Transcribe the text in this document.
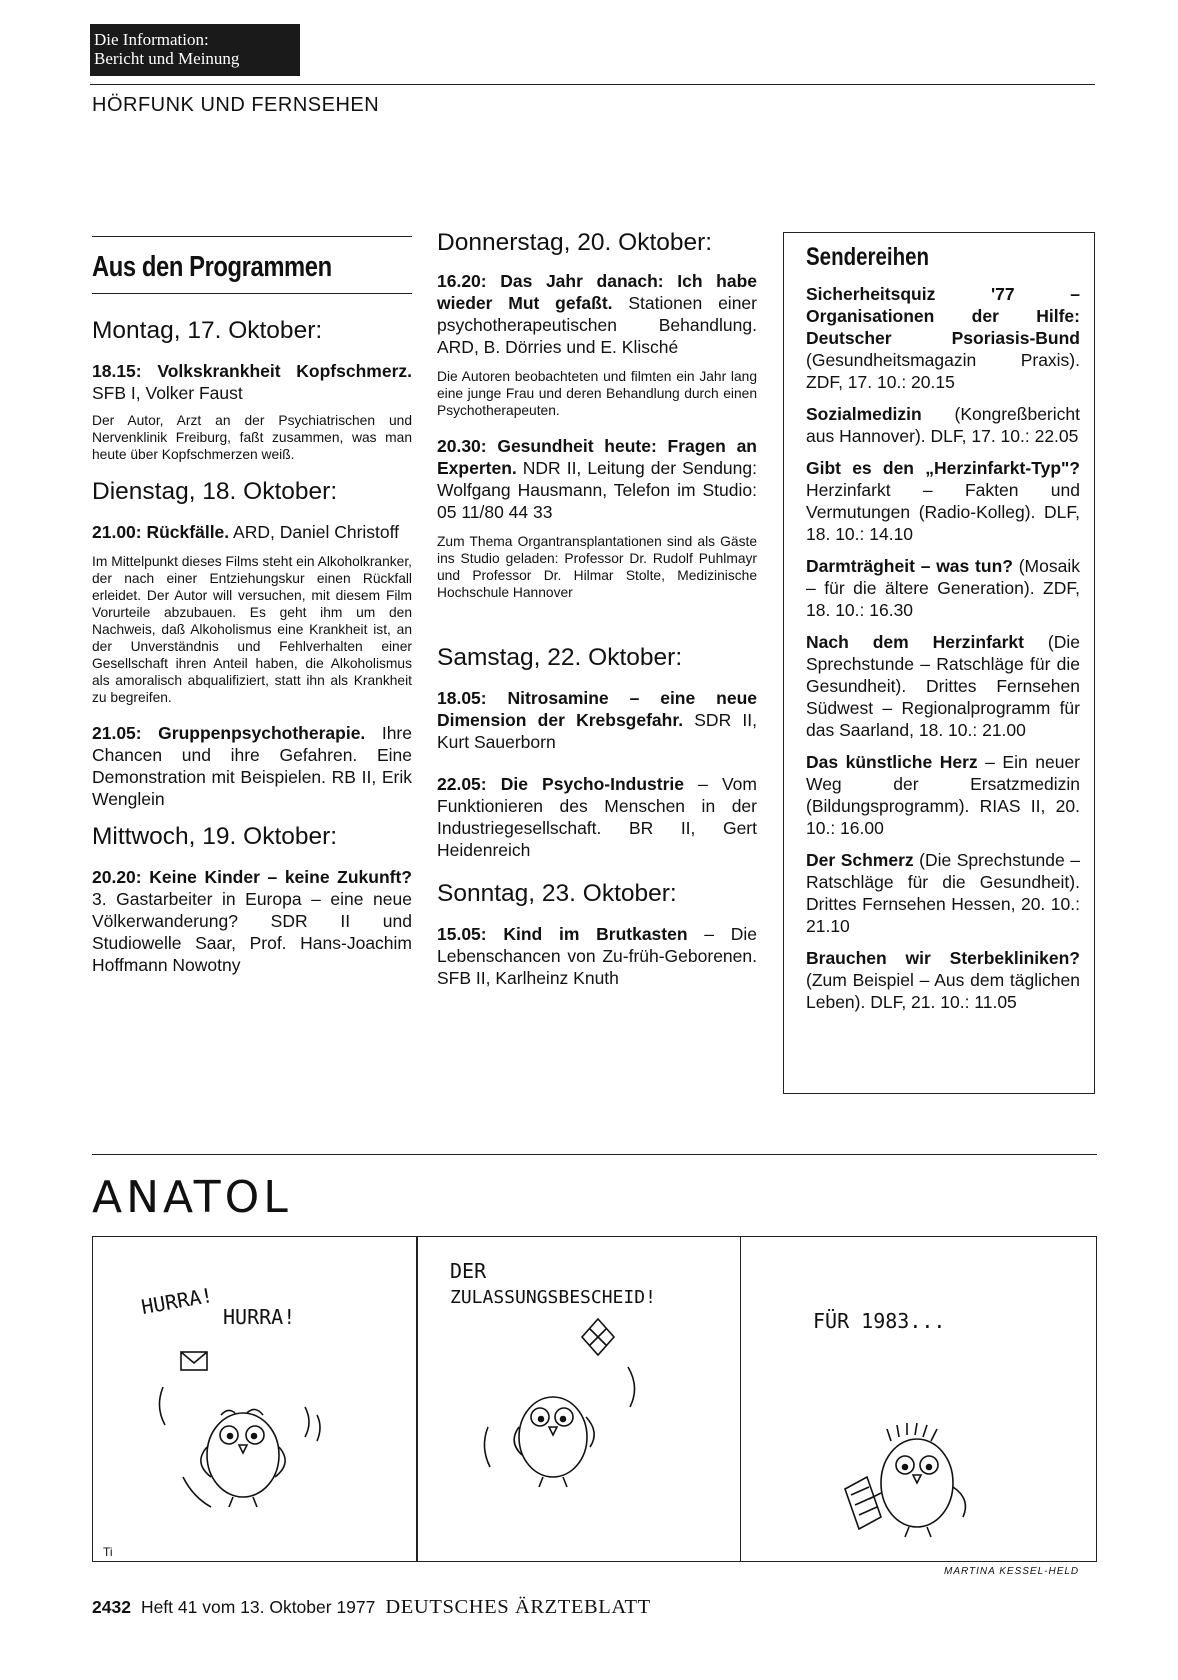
Die Information:
Bericht und Meinung
HÖRFUNK UND FERNSEHEN
Aus den Programmen
Montag, 17. Oktober:

18.15: Volkskrankheit Kopfschmerz. SFB I, Volker Faust

Der Autor, Arzt an der Psychiatrischen und Nervenklinik Freiburg, faßt zusammen, was man heute über Kopfschmerzen weiß.

Dienstag, 18. Oktober:

21.00: Rückfälle. ARD, Daniel Christoff

Im Mittelpunkt dieses Films steht ein Alkoholkranker, der nach einer Entziehungskur einen Rückfall erleidet. Der Autor will versuchen, mit diesem Film Vorurteile abzubauen. Es geht ihm um den Nachweis, daß Alkoholismus eine Krankheit ist, an der Unverständnis und Fehlverhalten einer Gesellschaft ihren Anteil haben, die Alkoholismus als amoralisch abqualifiziert, statt ihn als Krankheit zu begreifen.

21.05: Gruppenpsychotherapie. Ihre Chancen und ihre Gefahren. Eine Demonstration mit Beispielen. RB II, Erik Wenglein

Mittwoch, 19. Oktober:

20.20: Keine Kinder – keine Zukunft? 3. Gastarbeiter in Europa – eine neue Völkerwanderung? SDR II und Studiowelle Saar, Prof. Hans-Joachim Hoffmann Nowotny

Donnerstag, 20. Oktober:

16.20: Das Jahr danach: Ich habe wieder Mut gefaßt. Stationen einer psychotherapeutischen Behandlung. ARD, B. Dörries und E. Klisché

Die Autoren beobachteten und filmten ein Jahr lang eine junge Frau und deren Behandlung durch einen Psychotherapeuten.

20.30: Gesundheit heute: Fragen an Experten. NDR II, Leitung der Sendung: Wolfgang Hausmann, Telefon im Studio: 05 11/80 44 33

Zum Thema Organtransplantationen sind als Gäste ins Studio geladen: Professor Dr. Rudolf Puhlmayr und Professor Dr. Hilmar Stolte, Medizinische Hochschule Hannover

Samstag, 22. Oktober:

18.05: Nitrosamine – eine neue Dimension der Krebsgefahr. SDR II, Kurt Sauerborn

22.05: Die Psycho-Industrie – Vom Funktionieren des Menschen in der Industriegesellschaft. BR II, Gert Heidenreich

Sonntag, 23. Oktober:

15.05: Kind im Brutkasten – Die Lebenschancen von Zu-früh-Geborenen. SFB II, Karlheinz Knuth

Sendereihen

Sicherheitsquiz '77 – Organisationen der Hilfe: Deutscher Psoriasis-Bund (Gesundheitsmagazin Praxis). ZDF, 17. 10.: 20.15

Sozialmedizin (Kongreßbericht aus Hannover). DLF, 17. 10.: 22.05

Gibt es den „Herzinfarkt-Typ"? Herzinfarkt – Fakten und Vermutungen (Radio-Kolleg). DLF, 18. 10.: 14.10

Darmträgheit – was tun? (Mosaik – für die ältere Generation). ZDF, 18. 10.: 16.30

Nach dem Herzinfarkt (Die Sprechstunde – Ratschläge für die Gesundheit). Drittes Fernsehen Südwest – Regionalprogramm für das Saarland, 18. 10.: 21.00

Das künstliche Herz – Ein neuer Weg der Ersatzmedizin (Bildungsprogramm). RIAS II, 20. 10.: 16.00

Der Schmerz (Die Sprechstunde – Ratschläge für die Gesundheit). Drittes Fernsehen Hessen, 20. 10.: 21.10

Brauchen wir Sterbekliniken? (Zum Beispiel – Aus dem täglichen Leben). DLF, 21. 10.: 11.05

ANATOL
HURRA! HURRA!
Ti
DER
ZULASSUNGSBESCHEID!
FÜR 1983...
MARTINA KESSEL-HELD
2432 Heft 41 vom 13. Oktober 1977 DEUTSCHES ÄRZTEBLATT
